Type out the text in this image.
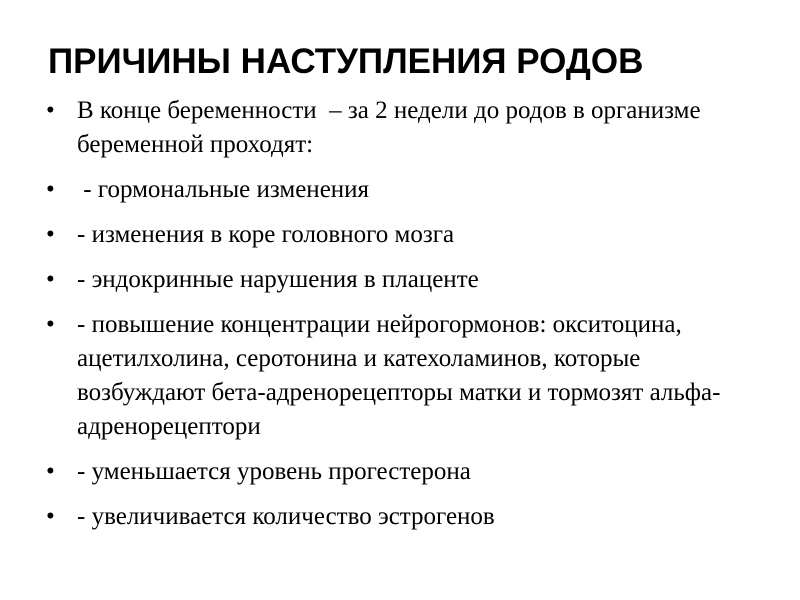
ПРИЧИНЫ НАСТУПЛЕНИЯ РОДОВ
• В конце беременности  – за 2 недели до родов в организме беременной проходят:
• - гормональные изменения
• - изменения в коре головного мозга
• - эндокринные нарушения в плаценте
• - повышение концентрации нейрогормонов: окситоцина, ацетилхолина, серотонина и катехоламинов, которые возбуждают бета-адренорецепторы матки и тормозят альфа-адренорецептори
• - уменьшается уровень прогестерона
• - увеличивается количество эстрогенов
